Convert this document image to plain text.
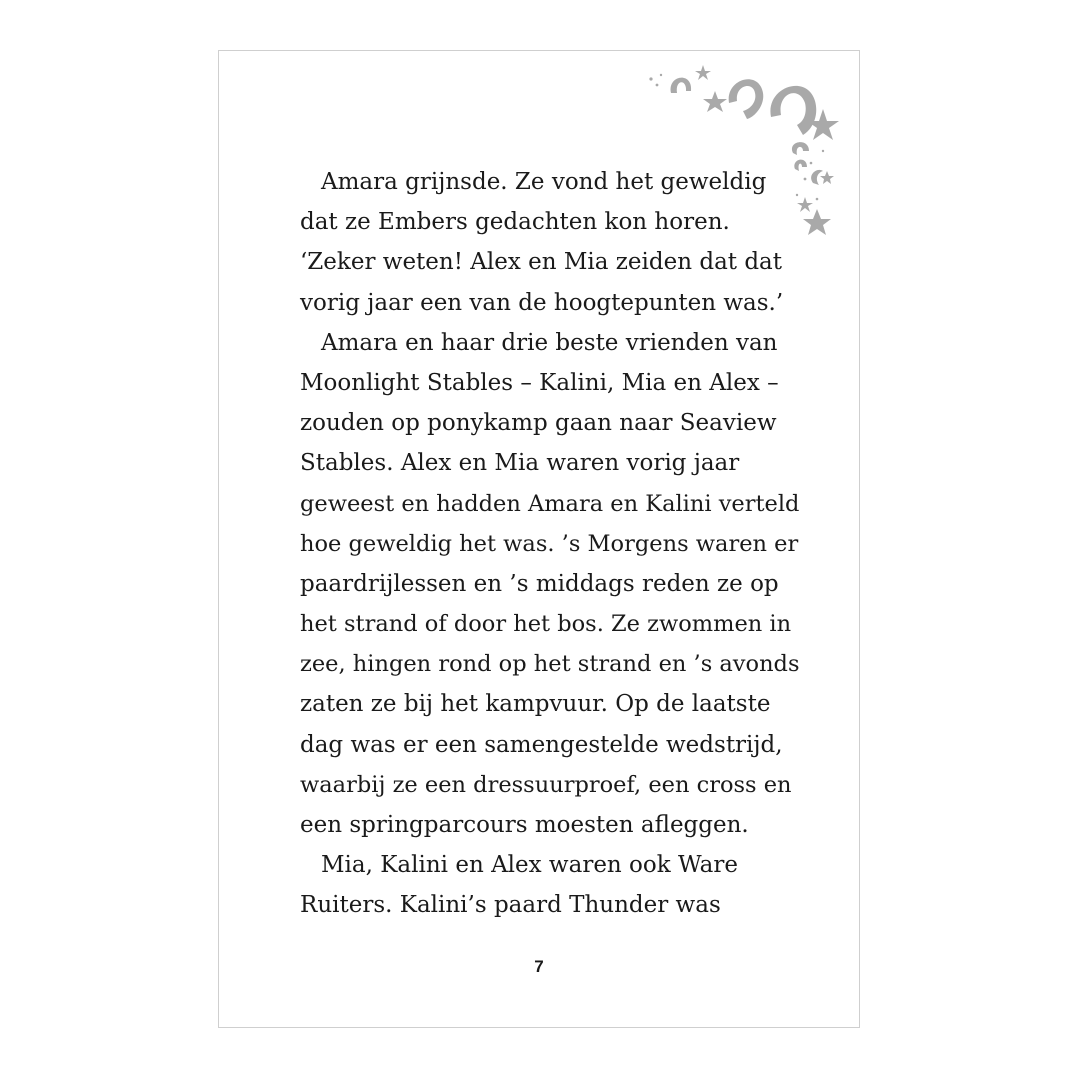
Amara grijnsde. Ze vond het geweldig
dat ze Embers gedachten kon horen.
‘Zeker weten! Alex en Mia zeiden dat dat
vorig jaar een van de hoogtepunten was.’
Amara en haar drie beste vrienden van
Moonlight Stables – Kalini, Mia en Alex –
zouden op ponykamp gaan naar Seaview
Stables. Alex en Mia waren vorig jaar
geweest en hadden Amara en Kalini verteld
hoe geweldig het was. ’s Morgens waren er
paardrijlessen en ’s middags reden ze op
het strand of door het bos. Ze zwommen in
zee, hingen rond op het strand en ’s avonds
zaten ze bij het kampvuur. Op de laatste
dag was er een samengestelde wedstrijd,
waarbij ze een dressuurproef, een cross en
een springparcours moesten afleggen.
Mia, Kalini en Alex waren ook Ware
Ruiters. Kalini’s paard Thunder was
7
